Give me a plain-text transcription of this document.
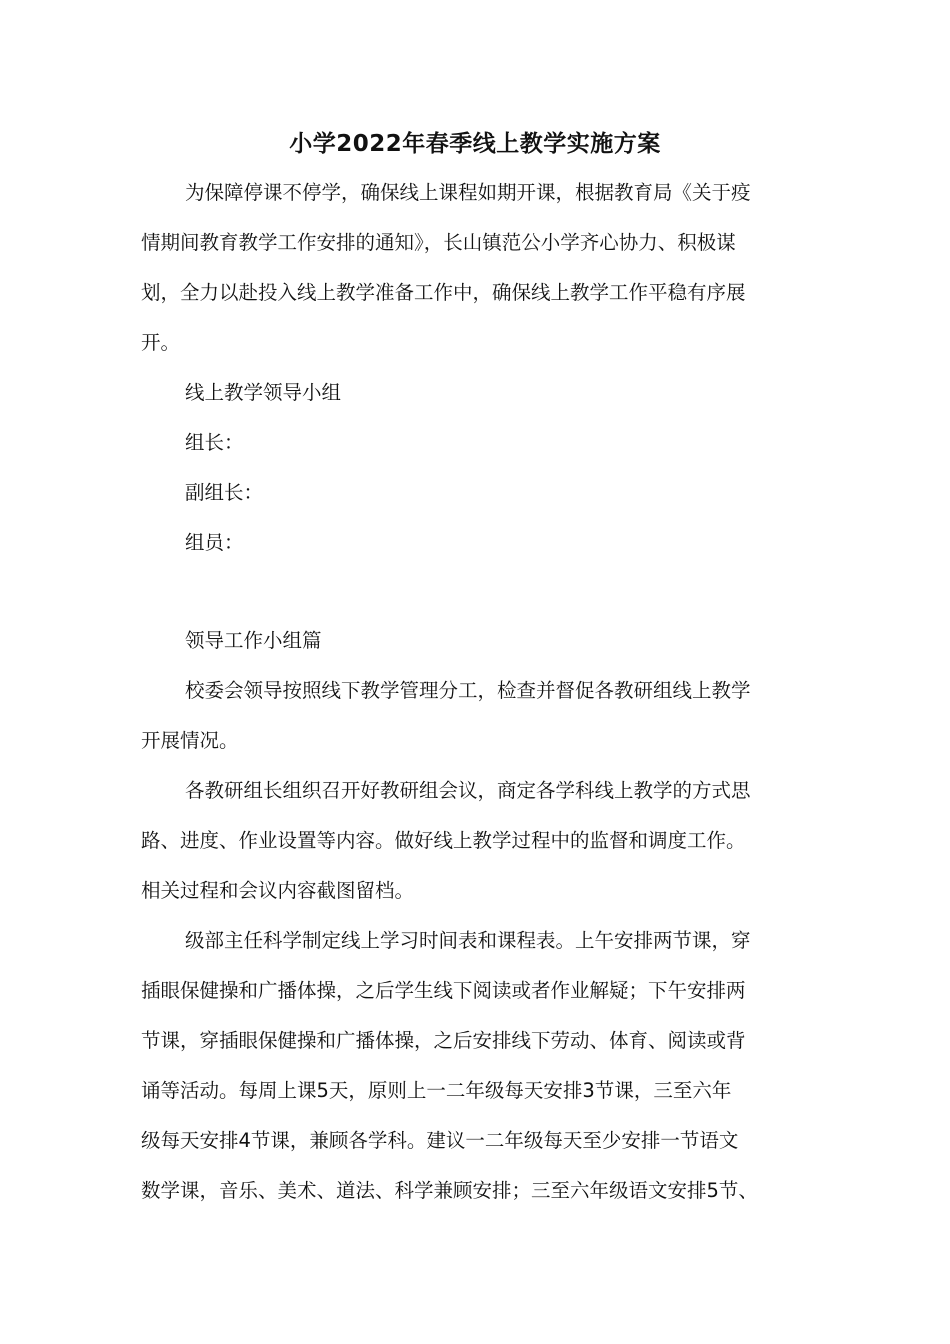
小学2022年春季线上教学实施方案
为保障停课不停学，确保线上课程如期开课，根据教育局《关于疫
情期间教育教学工作安排的通知》，长山镇范公小学齐心协力、积极谋
划，全力以赴投入线上教学准备工作中，确保线上教学工作平稳有序展
开。
线上教学领导小组
组长：
副组长：
组员：
领导工作小组篇
校委会领导按照线下教学管理分工，检查并督促各教研组线上教学
开展情况。
各教研组长组织召开好教研组会议，商定各学科线上教学的方式思
路、进度、作业设置等内容。做好线上教学过程中的监督和调度工作。
相关过程和会议内容截图留档。
级部主任科学制定线上学习时间表和课程表。上午安排两节课，穿
插眼保健操和广播体操，之后学生线下阅读或者作业解疑；下午安排两
节课，穿插眼保健操和广播体操，之后安排线下劳动、体育、阅读或背
诵等活动。每周上课5天，原则上一二年级每天安排3节课，三至六年
级每天安排4节课，兼顾各学科。建议一二年级每天至少安排一节语文
数学课，音乐、美术、道法、科学兼顾安排；三至六年级语文安排5节、
